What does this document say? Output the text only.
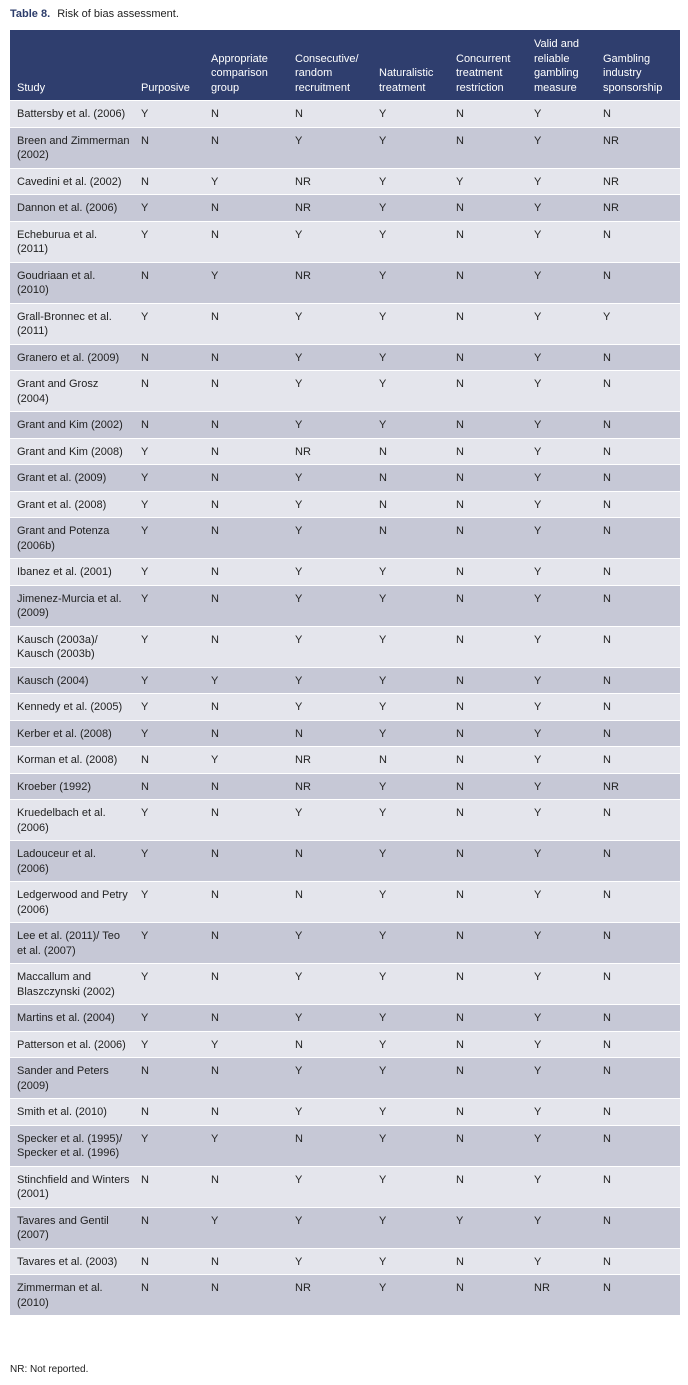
Table 8. Risk of bias assessment.
Study	Purposive	Appropriate comparison group	Consecutive/ random recruitment	Naturalistic treatment	Concurrent treatment restriction	Valid and reliable gambling measure	Gambling industry sponsorship
Battersby et al. (2006)	Y	N	N	Y	N	Y	N
Breen and Zimmerman (2002)	N	N	Y	Y	N	Y	NR
Cavedini et al. (2002)	N	Y	NR	Y	Y	Y	NR
Dannon et al. (2006)	Y	N	NR	Y	N	Y	NR
Echeburua et al. (2011)	Y	N	Y	Y	N	Y	N
Goudriaan et al. (2010)	N	Y	NR	Y	N	Y	N
Grall-Bronnec et al. (2011)	Y	N	Y	Y	N	Y	Y
Granero et al. (2009)	N	N	Y	Y	N	Y	N
Grant and Grosz (2004)	N	N	Y	Y	N	Y	N
Grant and Kim (2002)	N	N	Y	Y	N	Y	N
Grant and Kim (2008)	Y	N	NR	N	N	Y	N
Grant et al. (2009)	Y	N	Y	N	N	Y	N
Grant et al. (2008)	Y	N	Y	N	N	Y	N
Grant and Potenza (2006b)	Y	N	Y	N	N	Y	N
Ibanez et al. (2001)	Y	N	Y	Y	N	Y	N
Jimenez-Murcia et al. (2009)	Y	N	Y	Y	N	Y	N
Kausch (2003a)/ Kausch (2003b)	Y	N	Y	Y	N	Y	N
Kausch (2004)	Y	Y	Y	Y	N	Y	N
Kennedy et al. (2005)	Y	N	Y	Y	N	Y	N
Kerber et al. (2008)	Y	N	N	Y	N	Y	N
Korman et al. (2008)	N	Y	NR	N	N	Y	N
Kroeber (1992)	N	N	NR	Y	N	Y	NR
Kruedelbach et al. (2006)	Y	N	Y	Y	N	Y	N
Ladouceur et al. (2006)	Y	N	N	Y	N	Y	N
Ledgerwood and Petry (2006)	Y	N	N	Y	N	Y	N
Lee et al. (2011)/ Teo et al. (2007)	Y	N	Y	Y	N	Y	N
Maccallum and Blaszczynski (2002)	Y	N	Y	Y	N	Y	N
Martins et al. (2004)	Y	N	Y	Y	N	Y	N
Patterson et al. (2006)	Y	Y	N	Y	N	Y	N
Sander and Peters (2009)	N	N	Y	Y	N	Y	N
Smith et al. (2010)	N	N	Y	Y	N	Y	N
Specker et al. (1995)/ Specker et al. (1996)	Y	Y	N	Y	N	Y	N
Stinchfield and Winters (2001)	N	N	Y	Y	N	Y	N
Tavares and Gentil (2007)	N	Y	Y	Y	Y	Y	N
Tavares et al. (2003)	N	N	Y	Y	N	Y	N
Zimmerman et al. (2010)	N	N	NR	Y	N	NR	N
NR: Not reported.
